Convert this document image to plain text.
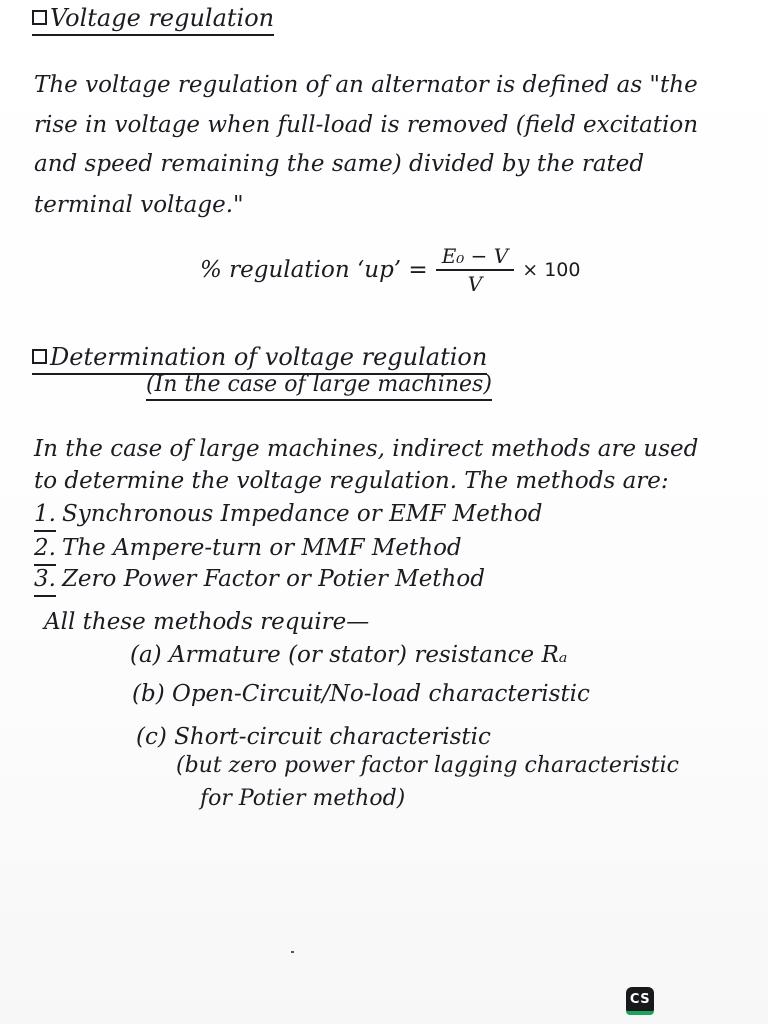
Voltage regulation
The voltage regulation of an alternator is defined as "the
rise in voltage when full-load is removed (field excitation
and speed remaining the same) divided by the rated
terminal voltage."
% regulation ‘up’ = $\frac{\text{E₀ − V}}{V} \times 100$
Determination of voltage regulation
(In the case of large machines)
In the case of large machines, indirect methods are used
to determine the voltage regulation. The methods are:
1. Synchronous Impedance or EMF Method
2. The Ampere-turn or MMF Method
3. Zero Power Factor or Potier Method
All these methods require—
(a) Armature (or stator) resistance Rₐ
(b) Open-Circuit/No-load characteristic
(c) Short-circuit characteristic
(but zero power factor lagging characteristic
for Potier method)
CS
